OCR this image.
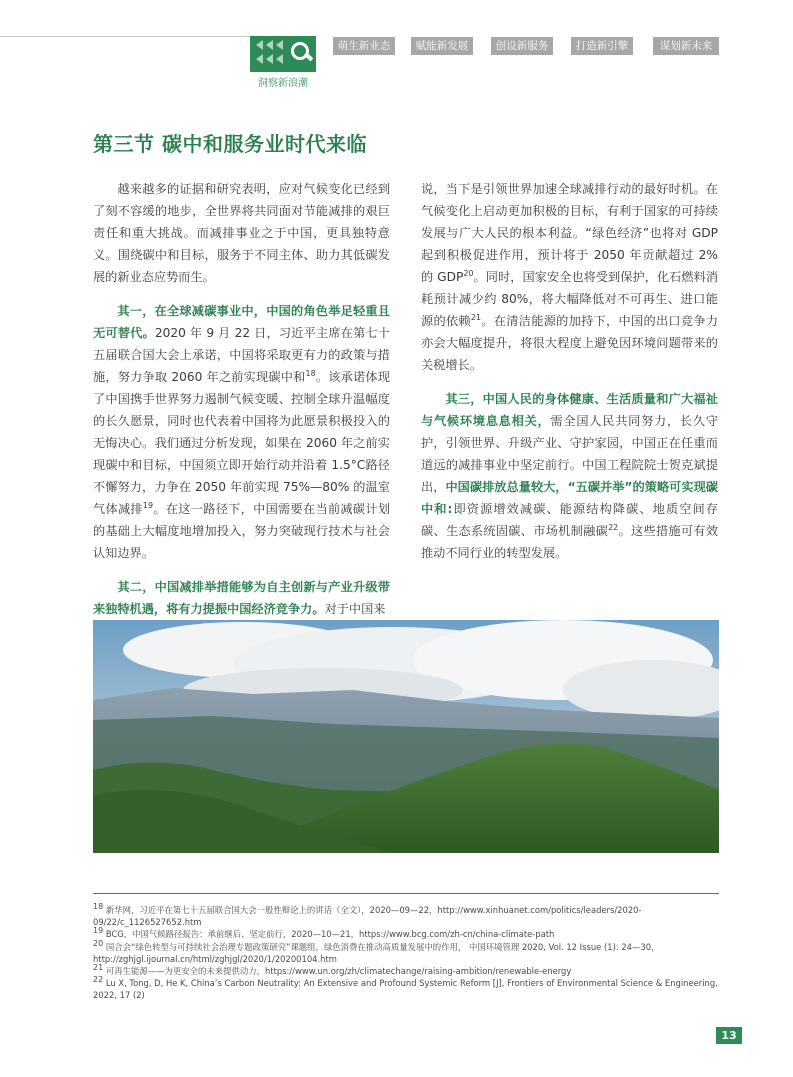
洞察新浪潮
萌生新业态	赋能新发展	创设新服务	打造新引擎	谋划新未来
第三节 碳中和服务业时代来临

越来越多的证据和研究表明，应对气候变化已经到了刻不容缓的地步，全世界将共同面对节能减排的艰巨责任和重大挑战。而减排事业之于中国，更具独特意义。围绕碳中和目标，服务于不同主体、助力其低碳发展的新业态应势而生。

其一，在全球减碳事业中，中国的角色举足轻重且无可替代。2020 年 9 月 22 日，习近平主席在第七十五届联合国大会上承诺，中国将采取更有力的政策与措施，努力争取 2060 年之前实现碳中和$^{18}$。该承诺体现了中国携手世界努力遏制气候变暖、控制全球升温幅度的长久愿景，同时也代表着中国将为此愿景积极投入的无悔决心。我们通过分析发现，如果在 2060 年之前实现碳中和目标，中国须立即开始行动并沿着 1.5°C路径不懈努力，力争在 2050 年前实现 75%—80% 的温室气体减排$^{19}$。在这一路径下，中国需要在当前减碳计划的基础上大幅度地增加投入，努力突破现行技术与社会认知边界。

其二，中国减排举措能够为自主创新与产业升级带来独特机遇，将有力提振中国经济竞争力。对于中国来

说，当下是引领世界加速全球减排行动的最好时机。在气候变化上启动更加积极的目标，有利于国家的可持续发展与广大人民的根本利益。“绿色经济”也将对 GDP 起到积极促进作用，预计将于 2050 年贡献超过 2% 的 GDP$^{20}$。同时，国家安全也将受到保护，化石燃料消耗预计减少约 80%，将大幅降低对不可再生、进口能源的依赖$^{21}$。在清洁能源的加持下，中国的出口竞争力亦会大幅度提升，将很大程度上避免因环境问题带来的关税增长。

其三，中国人民的身体健康、生活质量和广大福祉与气候环境息息相关，需全国人民共同努力，长久守护，引领世界、升级产业、守护家园，中国正在任重而道远的减排事业中坚定前行。中国工程院院士贺克斌提出，中国碳排放总量较大，“五碳并举”的策略可实现碳中和:即资源增效减碳、能源结构降碳、地质空间存碳、生态系统固碳、市场机制融碳$^{22}$。这些措施可有效推动不同行业的转型发展。

$^{18}$ 新华网，习近平在第七十五届联合国大会一般性辩论上的讲话（全文），2020—09—22，http://www.xinhuanet.com/politics/leaders/2020-09/22/c_1126527652.htm
$^{19}$ BCG，中国气候路径报告：承前继后、坚定前行，2020—10—21，https://www.bcg.com/zh-cn/china-climate-path
$^{20}$ 国合会“绿色转型与可持续社会治理专题政策研究”课题组，绿色消费在推动高质量发展中的作用， 中国环境管理 2020, Vol. 12 Issue (1): 24—30，http://zghjgl.ijournal.cn/html/zghjgl/2020/1/20200104.htm
$^{21}$ 可再生能源——为更安全的未来提供动力，https://www.un.org/zh/climatechange/raising-ambition/renewable-energy
$^{22}$ Lu X, Tong, D, He K, China’s Carbon Neutrality: An Extensive and Profound Systemic Reform [J], Frontiers of Environmental Science & Engineering, 2022, 17 (2)
13
